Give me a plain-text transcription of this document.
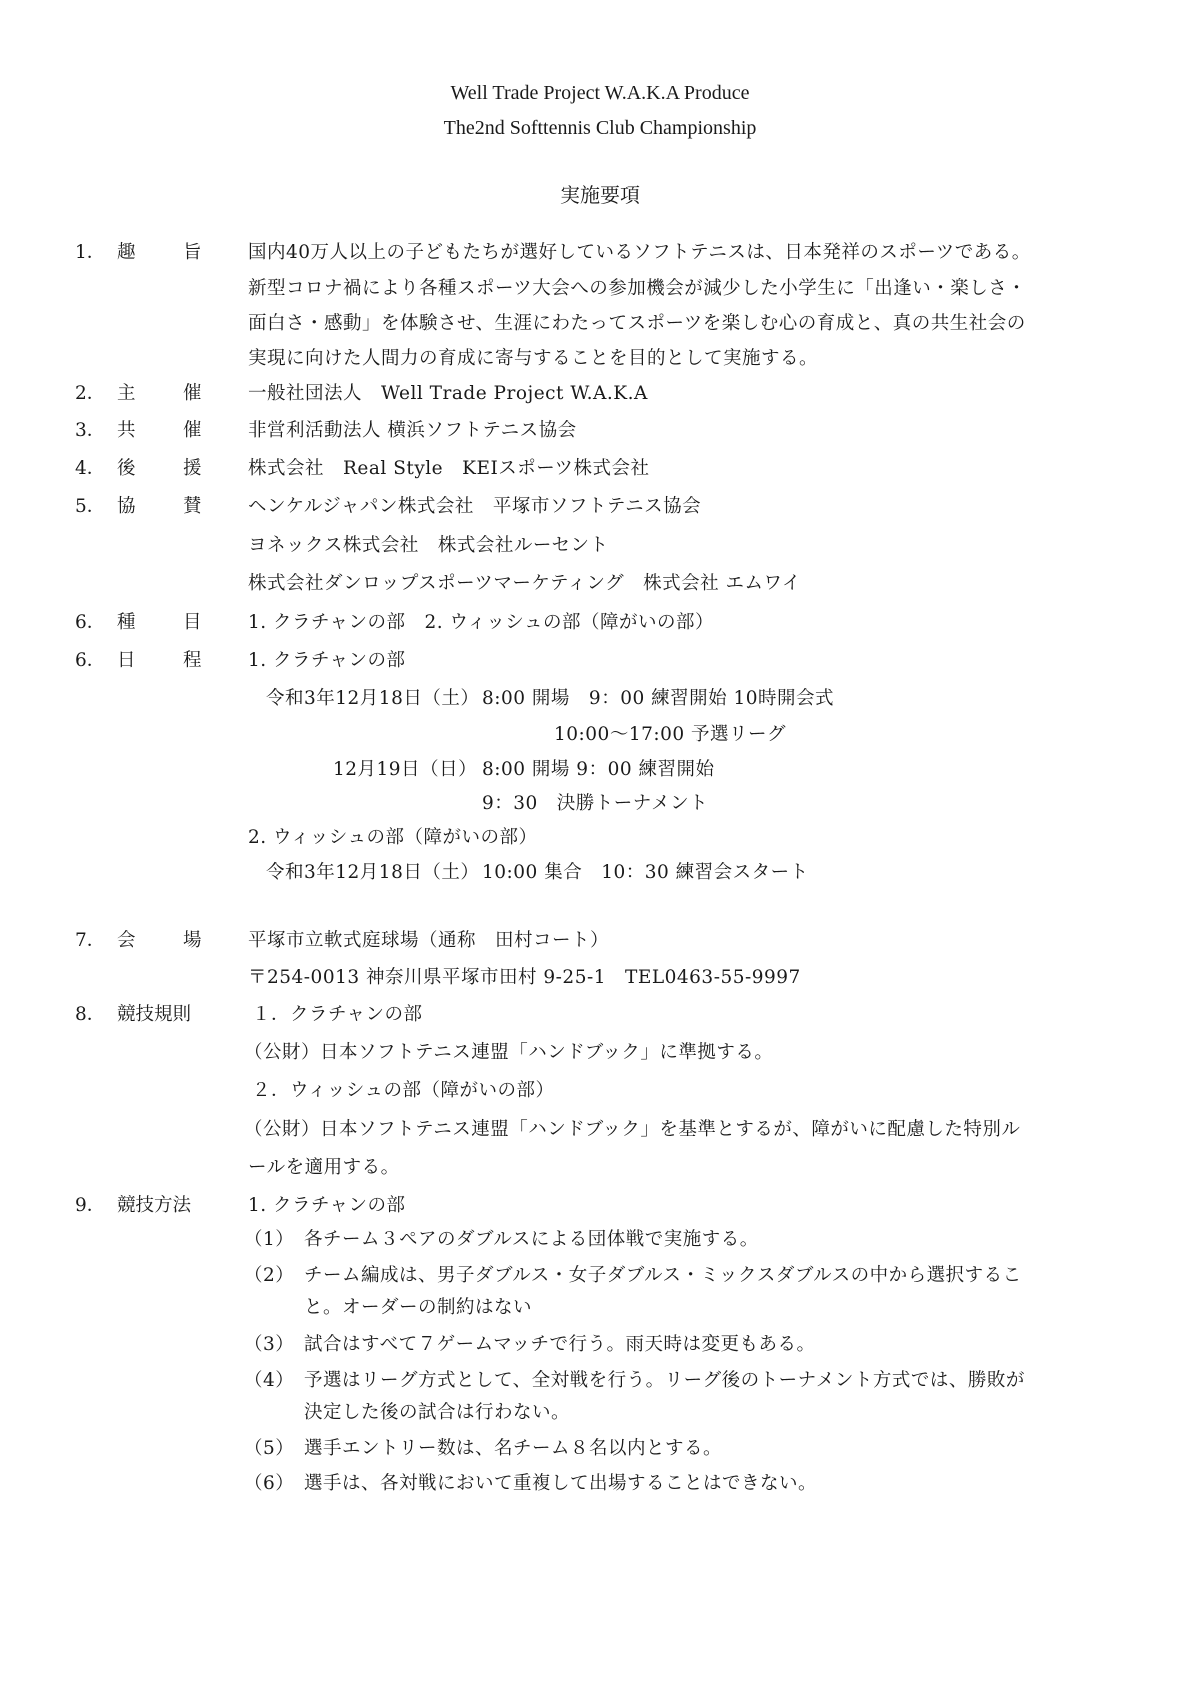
Well Trade Project W.A.K.A Produce
The2nd Softtennis Club Championship
実施要項
1． 趣	旨	国内40万人以上の子どもたちが選好しているソフトテニスは、日本発祥のスポーツである。
新型コロナ禍により各種スポーツ大会への参加機会が減少した小学生に「出逢い・楽しさ・
面白さ・感動」を体験させ、生涯にわたってスポーツを楽しむ心の育成と、真の共生社会の
実現に向けた人間力の育成に寄与することを目的として実施する。
2． 主	催	一般社団法人　Well Trade Project W.A.K.A
3． 共	催	非営利活動法人 横浜ソフトテニス協会
4． 後	援	株式会社　Real Style　KEIスポーツ株式会社
5． 協	賛	ヘンケルジャパン株式会社　平塚市ソフトテニス協会
ヨネックス株式会社　株式会社ルーセント
株式会社ダンロップスポーツマーケティング　株式会社 エムワイ
6． 種	目	1. クラチャンの部　2. ウィッシュの部（障がいの部）
6． 日	程	1. クラチャンの部
令和3年12月18日（土） 8:00 開場　9：00 練習開始 10時開会式
10:00〜17:00 予選リーグ
12月19日（日） 8:00 開場 9：00 練習開始
9：30　決勝トーナメント
2. ウィッシュの部（障がいの部）
令和3年12月18日（土） 10:00 集合　10：30 練習会スタート
7． 会	場	平塚市立軟式庭球場（通称　田村コート）
〒254-0013 神奈川県平塚市田村 9-25-1　TEL0463-55-9997
8． 競技規則	１．クラチャンの部
（公財）日本ソフトテニス連盟「ハンドブック」に準拠する。
２．ウィッシュの部（障がいの部）
（公財）日本ソフトテニス連盟「ハンドブック」を基準とするが、障がいに配慮した特別ル
ールを適用する。
9． 競技方法	1. クラチャンの部
（1） 各チーム３ペアのダブルスによる団体戦で実施する。
（2） チーム編成は、男子ダブルス・女子ダブルス・ミックスダブルスの中から選択するこ
と。オーダーの制約はない
（3） 試合はすべて７ゲームマッチで行う。雨天時は変更もある。
（4） 予選はリーグ方式として、全対戦を行う。リーグ後のトーナメント方式では、勝敗が
決定した後の試合は行わない。
（5） 選手エントリー数は、名チーム８名以内とする。
（6） 選手は、各対戦において重複して出場することはできない。
